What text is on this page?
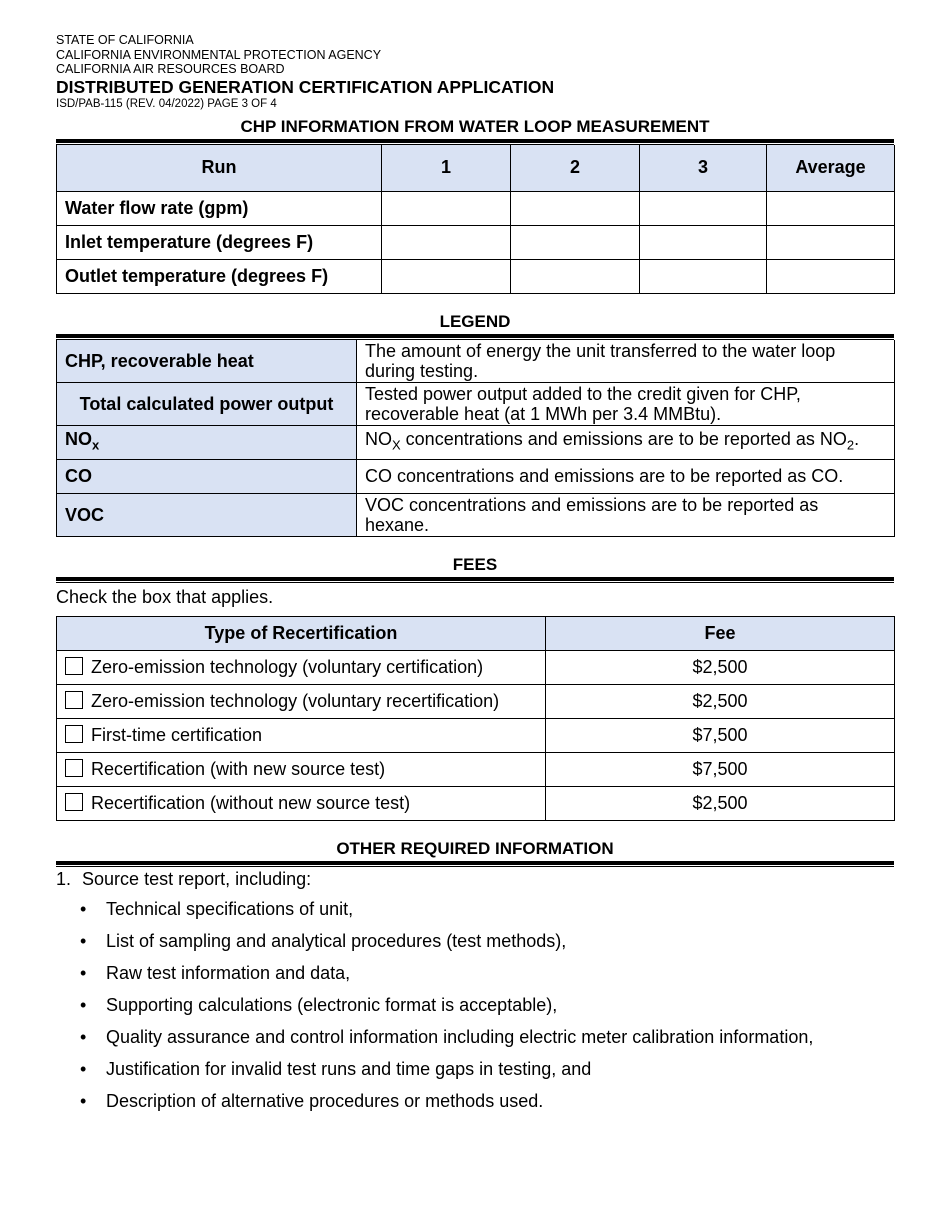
STATE OF CALIFORNIA
CALIFORNIA ENVIRONMENTAL PROTECTION AGENCY
CALIFORNIA AIR RESOURCES BOARD
DISTRIBUTED GENERATION CERTIFICATION APPLICATION
ISD/PAB-115 (REV. 04/2022) PAGE 3 OF 4
CHP INFORMATION FROM WATER LOOP MEASUREMENT
Run	1	2	3	Average
Water flow rate (gpm)				
Inlet temperature (degrees F)				
Outlet temperature (degrees F)				
LEGEND
CHP, recoverable heat	The amount of energy the unit transferred to the water loop during testing.
Total calculated power output	Tested power output added to the credit given for CHP, recoverable heat (at 1 MWh per 3.4 MMBtu).
$NO_x$	$NO_X$ concentrations and emissions are to be reported as $NO_2$.
CO	CO concentrations and emissions are to be reported as CO.
VOC	VOC concentrations and emissions are to be reported as hexane.
FEES
Check the box that applies.
Type of Recertification	Fee
Zero-emission technology (voluntary certification)	$2,500
Zero-emission technology (voluntary recertification)	$2,500
First-time certification	$7,500
Recertification (with new source test)	$7,500
Recertification (without new source test)	$2,500
OTHER REQUIRED INFORMATION
1. Source test report, including:
• Technical specifications of unit,
• List of sampling and analytical procedures (test methods),
• Raw test information and data,
• Supporting calculations (electronic format is acceptable),
• Quality assurance and control information including electric meter calibration information,
• Justification for invalid test runs and time gaps in testing, and
• Description of alternative procedures or methods used.
